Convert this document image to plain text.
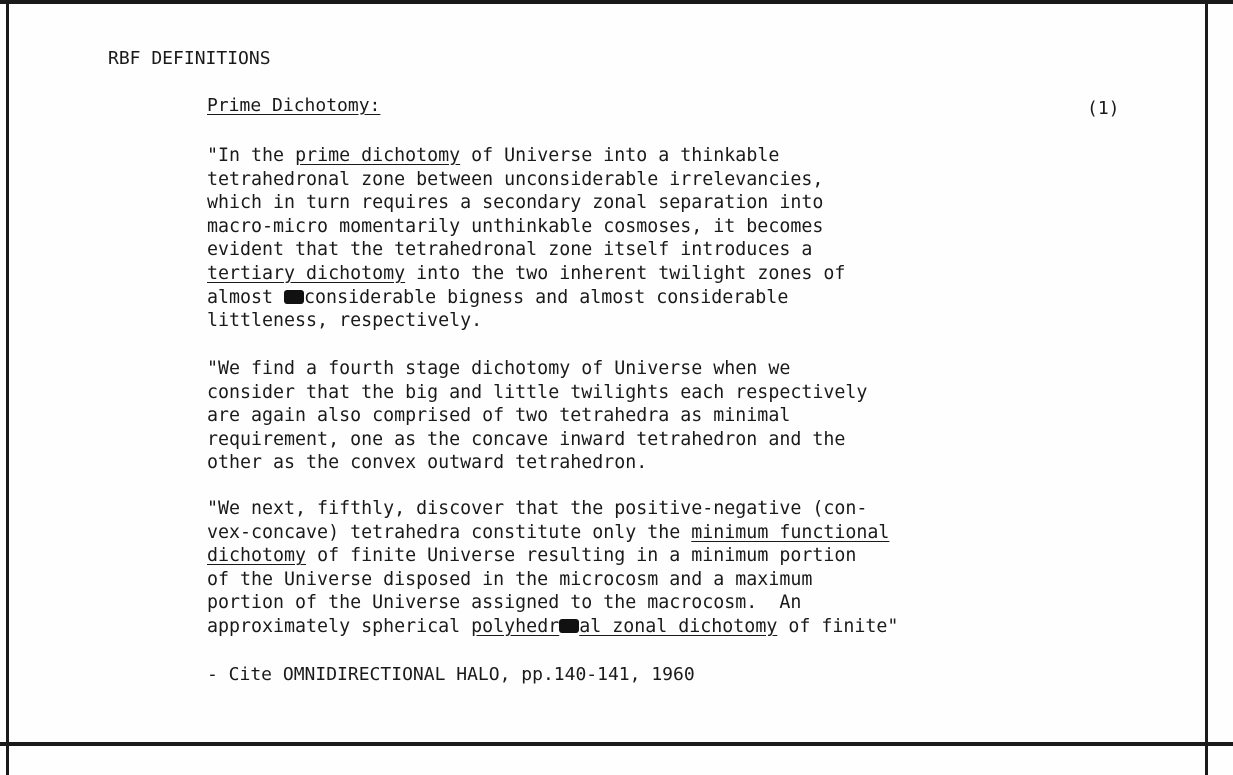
RBF DEFINITIONS
Prime Dichotomy:	(1)
"In the prime dichotomy of Universe into a thinkable
tetrahedronal zone between unconsiderable irrelevancies,
which in turn requires a secondary zonal separation into
macro-micro momentarily unthinkable cosmoses, it becomes
evident that the tetrahedronal zone itself introduces a
tertiary dichotomy into the two inherent twilight zones of
almost considerable bigness and almost considerable
littleness, respectively.
"We find a fourth stage dichotomy of Universe when we
consider that the big and little twilights each respectively
are again also comprised of two tetrahedra as minimal
requirement, one as the concave inward tetrahedron and the
other as the convex outward tetrahedron.
"We next, fifthly, discover that the positive-negative (con-
vex-concave) tetrahedra constitute only the minimum functional
dichotomy of finite Universe resulting in a minimum portion
of the Universe disposed in the microcosm and a maximum
portion of the Universe assigned to the macrocosm.  An
approximately spherical polyhedr al zonal dichotomy of finite"
- Cite OMNIDIRECTIONAL HALO, pp.140-141, 1960
